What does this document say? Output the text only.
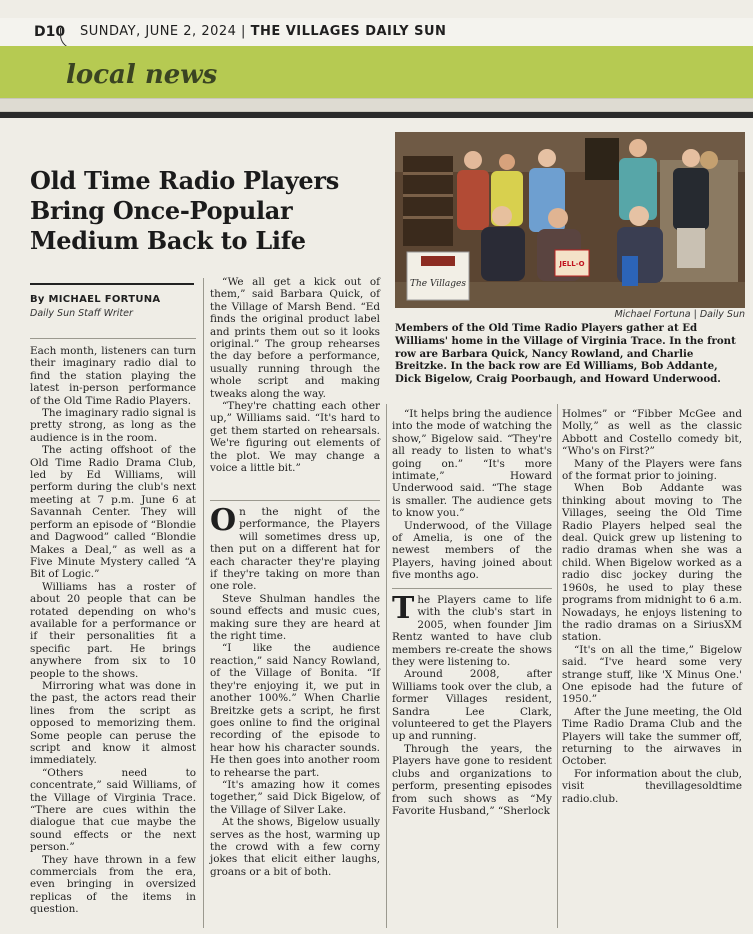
D10 SUNDAY, JUNE 2, 2024 | THE VILLAGES DAILY SUN
local news
Old Time Radio Players Bring Once-Popular Medium Back to Life
By MICHAEL FORTUNA
Daily Sun Staff Writer
The Villages
JELL-O
Michael Fortuna | Daily Sun
Members of the Old Time Radio Players gather at Ed Williams' home in the Village of Virginia Trace. In the front row are Barbara Quick, Nancy Rowland, and Charlie Breitzke. In the back row are Ed Williams, Bob Addante, Dick Bigelow, Craig Poorbaugh, and Howard Underwood.

Each month, listeners can turn their imaginary radio dial to find the station playing the latest in-person performance of the Old Time Radio Players.

The imaginary radio signal is pretty strong, as long as the audience is in the room.

The acting offshoot of the Old Time Radio Drama Club, led by Ed Williams, will perform during the club's next meeting at 7 p.m. June 6 at Savannah Center. They will perform an episode of “Blondie and Dagwood” called “Blondie Makes a Deal,” as well as a Five Minute Mystery called “A Bit of Logic.”

Williams has a roster of about 20 people that can be rotated depending on who's available for a performance or if their personalities fit a specific part. He brings anywhere from six to 10 people to the shows.

Mirroring what was done in the past, the actors read their lines from the script as opposed to memorizing them. Some people can peruse the script and know it almost immediately.

“Others need to concentrate,” said Williams, of the Village of Virginia Trace. “There are cues within the dialogue that cue maybe the sound effects or the next person.”

They have thrown in a few commercials from the era, even bringing in oversized replicas of the items in question.

“We all get a kick out of them,” said Barbara Quick, of the Village of Marsh Bend. “Ed finds the original product label and prints them out so it looks original.” The group rehearses the day before a performance, usually running through the whole script and making tweaks along the way.

“They're chatting each other up,” Williams said. “It's hard to get them started on rehearsals. We're figuring out elements of the plot. We may change a voice a little bit.”

On the night of the performance, the Players will sometimes dress up, then put on a different hat for each character they're playing if they're taking on more than one role.

Steve Shulman handles the sound effects and music cues, making sure they are heard at the right time.

“I like the audience reaction,” said Nancy Rowland, of the Village of Bonita. “If they're enjoying it, we put in another 100%.” When Charlie Breitzke gets a script, he first goes online to find the original recording of the episode to hear how his character sounds. He then goes into another room to rehearse the part.

“It's amazing how it comes together,” said Dick Bigelow, of the Village of Silver Lake.

At the shows, Bigelow usually serves as the host, warming up the crowd with a few corny jokes that elicit either laughs, groans or a bit of both.

“It helps bring the audience into the mode of watching the show,” Bigelow said. “They're all ready to listen to what's going on.” “It's more intimate,” Howard Underwood said. “The stage is smaller. The audience gets to know you.”

Underwood, of the Village of Amelia, is one of the newest members of the Players, having joined about five months ago.

The Players came to life with the club's start in 2005, when founder Jim Rentz wanted to have club members re-create the shows they were listening to.

Around 2008, after Williams took over the club, a former Villages resident, Sandra Lee Clark, volunteered to get the Players up and running.

Through the years, the Players have gone to resident clubs and organizations to perform, presenting episodes from such shows as “My Favorite Husband,” “Sherlock

Holmes” or “Fibber McGee and Molly,” as well as the classic Abbott and Costello comedy bit, “Who's on First?”

Many of the Players were fans of the format prior to joining.

When Bob Addante was thinking about moving to The Villages, seeing the Old Time Radio Players helped seal the deal. Quick grew up listening to radio dramas when she was a child. When Bigelow worked as a radio disc jockey during the 1960s, he used to play these programs from midnight to 6 a.m. Nowadays, he enjoys listening to the radio dramas on a SiriusXM station.

“It's on all the time,” Bigelow said. “I've heard some very strange stuff, like 'X Minus One.' One episode had the future of 1950.”

After the June meeting, the Old Time Radio Drama Club and the Players will take the summer off, returning to the airwaves in October.

For information about the club, visit thevillagesoldtime radio.club.
